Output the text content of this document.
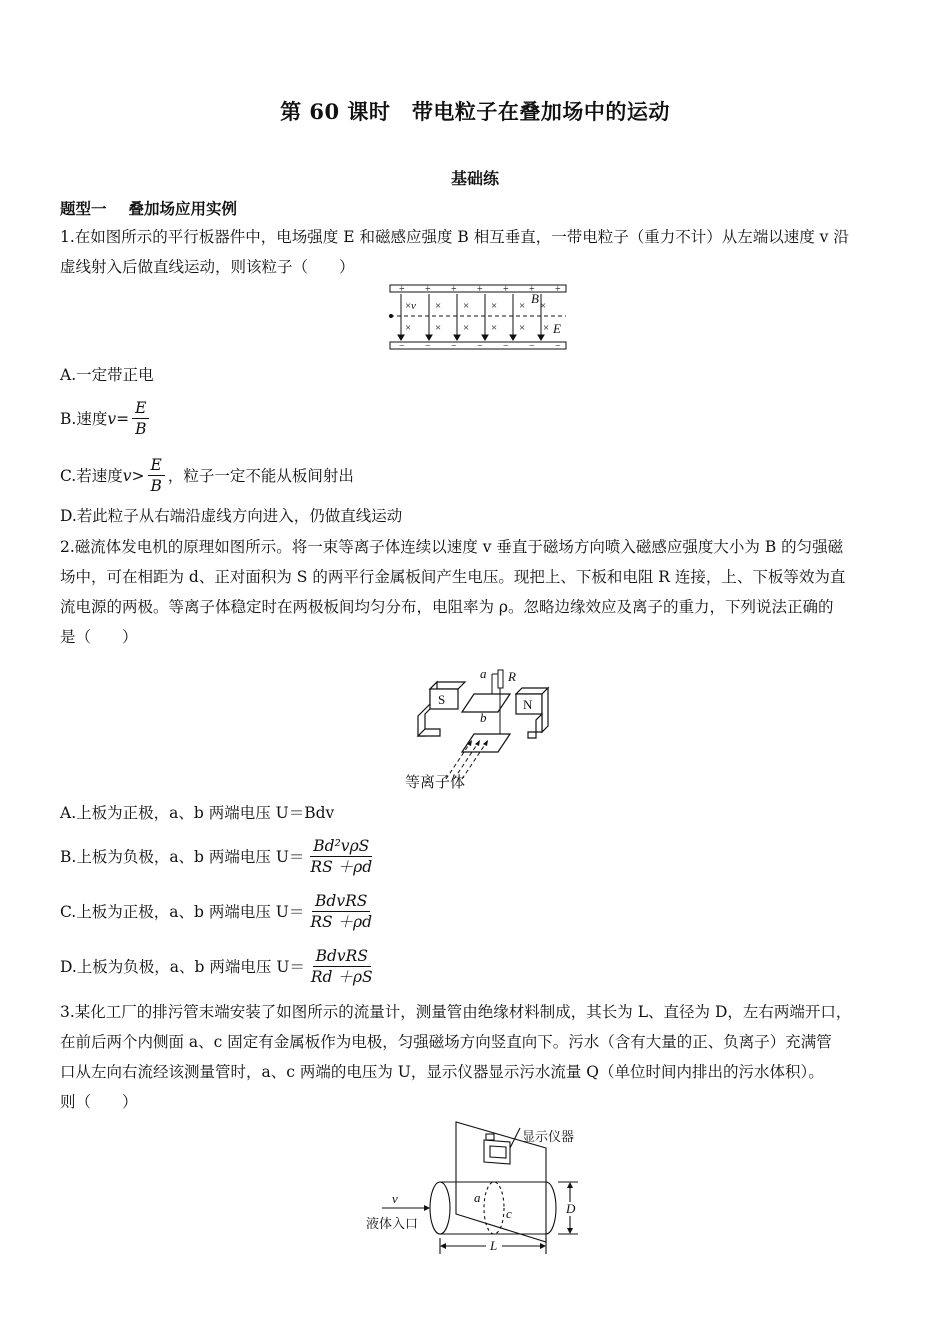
第 60 课时　带电粒子在叠加场中的运动
基础练
题型一 叠加场应用实例
1.在如图所示的平行板器件中，电场强度 E 和磁感应强度 B 相互垂直，一带电粒子（重力不计）从左端以速度 v 沿
虚线射入后做直线运动，则该粒子（　　）
+ + + + + + +
− − − − − − −
× v × × × ×
× × × × × ×
B ×
E
A.一定带正电
B.速度 $v = \frac{E}{B}$
C.若速度 $v > \frac{E}{B}$ ，粒子一定不能从板间射出
D.若此粒子从右端沿虚线方向进入，仍做直线运动
2.磁流体发电机的原理如图所示。将一束等离子体连续以速度 v 垂直于磁场方向喷入磁感应强度大小为 B 的匀强磁
场中，可在相距为 d、正对面积为 S 的两平行金属板间产生电压。现把上、下板和电阻 R 连接，上、下板等效为直
流电源的两极。等离子体稳定时在两极板间均匀分布，电阻率为 ρ。忽略边缘效应及离子的重力，下列说法正确的
是（　　）
a R
b
S	N
等离子体
A.上板为正极，a、b 两端电压 U＝Bdv
B.上板为负极，a、b 两端电压 $U= \frac{\text{Bd²vρS}}{RS +\rho d}$
C.上板为正极，a、b 两端电压 $U= \frac{\text{BdvRS}}{RS +\rho d}$
D.上板为负极，a、b 两端电压 $U= \frac{\text{BdvRS}}{Rd +\rho S}$
3.某化工厂的排污管末端安装了如图所示的流量计，测量管由绝缘材料制成，其长为 L、直径为 D，左右两端开口，
在前后两个内侧面 a、c 固定有金属板作为电极，匀强磁场方向竖直向下。污水（含有大量的正、负离子）充满管
口从左向右流经该测量管时，a、c 两端的电压为 U，显示仪器显示污水流量 Q（单位时间内排出的污水体积）。
则（　　）
显示仪器
v
液体入口
a
c	D
L
